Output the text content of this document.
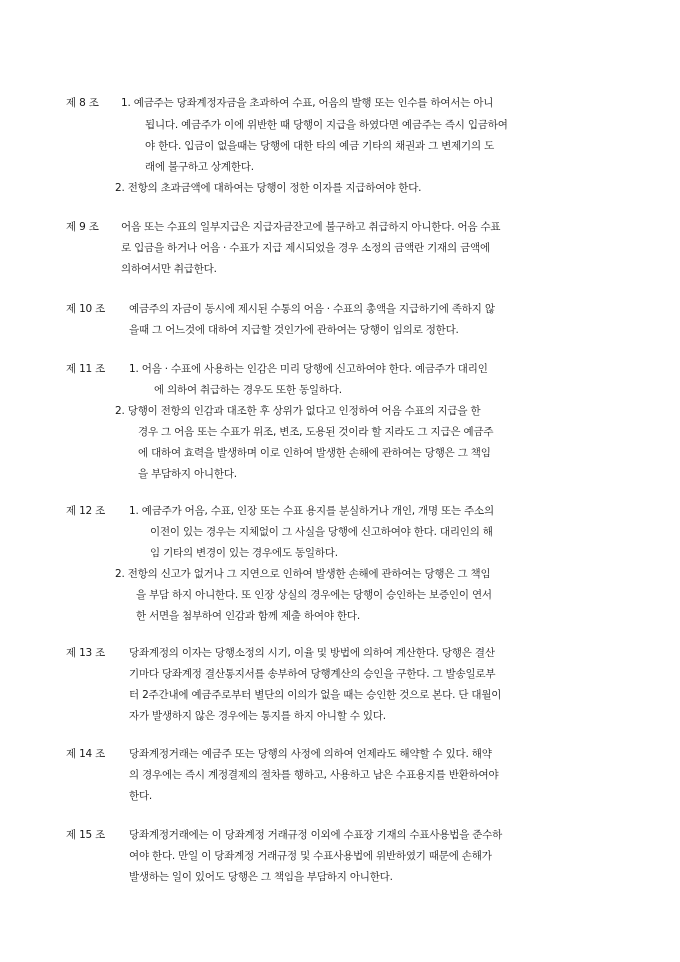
제 8 조 1. 예금주는 당좌계정자금을 초과하여 수표, 어음의 발행 또는 인수를 하여서는 아니
됩니다. 예금주가 이에 위반한 때 당행이 지급을 하였다면 예금주는 즉시 입금하여
야 한다. 입금이 없을때는 당행에 대한 타의 예금 기타의 채권과 그 변제기의 도
래에 불구하고 상계한다.
2. 전항의 초과금액에 대하여는 당행이 정한 이자를 지급하여야 한다.
제 9 조 어음 또는 수표의 일부지급은 지급자금잔고에 불구하고 취급하지 아니한다. 어음 수표
로 입금을 하거나 어음 · 수표가 지급 제시되었을 경우 소정의 금액란 기재의 금액에
의하여서만 취급한다.
제 10 조 예금주의 자금이 동시에 제시된 수통의 어음 · 수표의 총액을 지급하기에 족하지 않
을때 그 어느것에 대하여 지급할 것인가에 관하여는 당행이 임의로 정한다.
제 11 조 1. 어음 · 수표에 사용하는 인감은 미리 당행에 신고하여야 한다. 예금주가 대리인
에 의하여 취급하는 경우도 또한 동일하다.
2. 당행이 전항의 인감과 대조한 후 상위가 없다고 인정하여 어음 수표의 지급을 한
경우 그 어음 또는 수표가 위조, 변조, 도용된 것이라 할 지라도 그 지급은 예금주
에 대하여 효력을 발생하며 이로 인하여 발생한 손해에 관하여는 당행은 그 책임
을 부담하지 아니한다.
제 12 조 1. 예금주가 어음, 수표, 인장 또는 수표 용지를 분실하거나 개인, 개명 또는 주소의
이전이 있는 경우는 지체없이 그 사실을 당행에 신고하여야 한다. 대리인의 해
임 기타의 변경이 있는 경우에도 동일하다.
2. 전항의 신고가 없거나 그 지연으로 인하여 발생한 손해에 관하여는 당행은 그 책임
을 부담 하지 아니한다. 또 인장 상실의 경우에는 당행이 승인하는 보증인이 연서
한 서면을 첨부하여 인감과 함께 제출 하여야 한다.
제 13 조 당좌계정의 이자는 당행소정의 시기, 이율 및 방법에 의하여 계산한다. 당행은 결산
기마다 당좌계정 결산통지서를 송부하여 당행계산의 승인을 구한다. 그 발송일로부
터 2주간내에 예금주로부터 별단의 이의가 없을 때는 승인한 것으로 본다. 단 대월이
자가 발생하지 않은 경우에는 통지를 하지 아니할 수 있다.
제 14 조 당좌계정거래는 예금주 또는 당행의 사정에 의하여 언제라도 해약할 수 있다. 해약
의 경우에는 즉시 계정결제의 절차를 행하고, 사용하고 남은 수표용지를 반환하여야
한다.
제 15 조 당좌계정거래에는 이 당좌계정 거래규정 이외에 수표장 기재의 수표사용법을 준수하
여야 한다. 만일 이 당좌계정 거래규정 및 수표사용법에 위반하였기 때문에 손해가
발생하는 일이 있어도 당행은 그 책임을 부담하지 아니한다.
